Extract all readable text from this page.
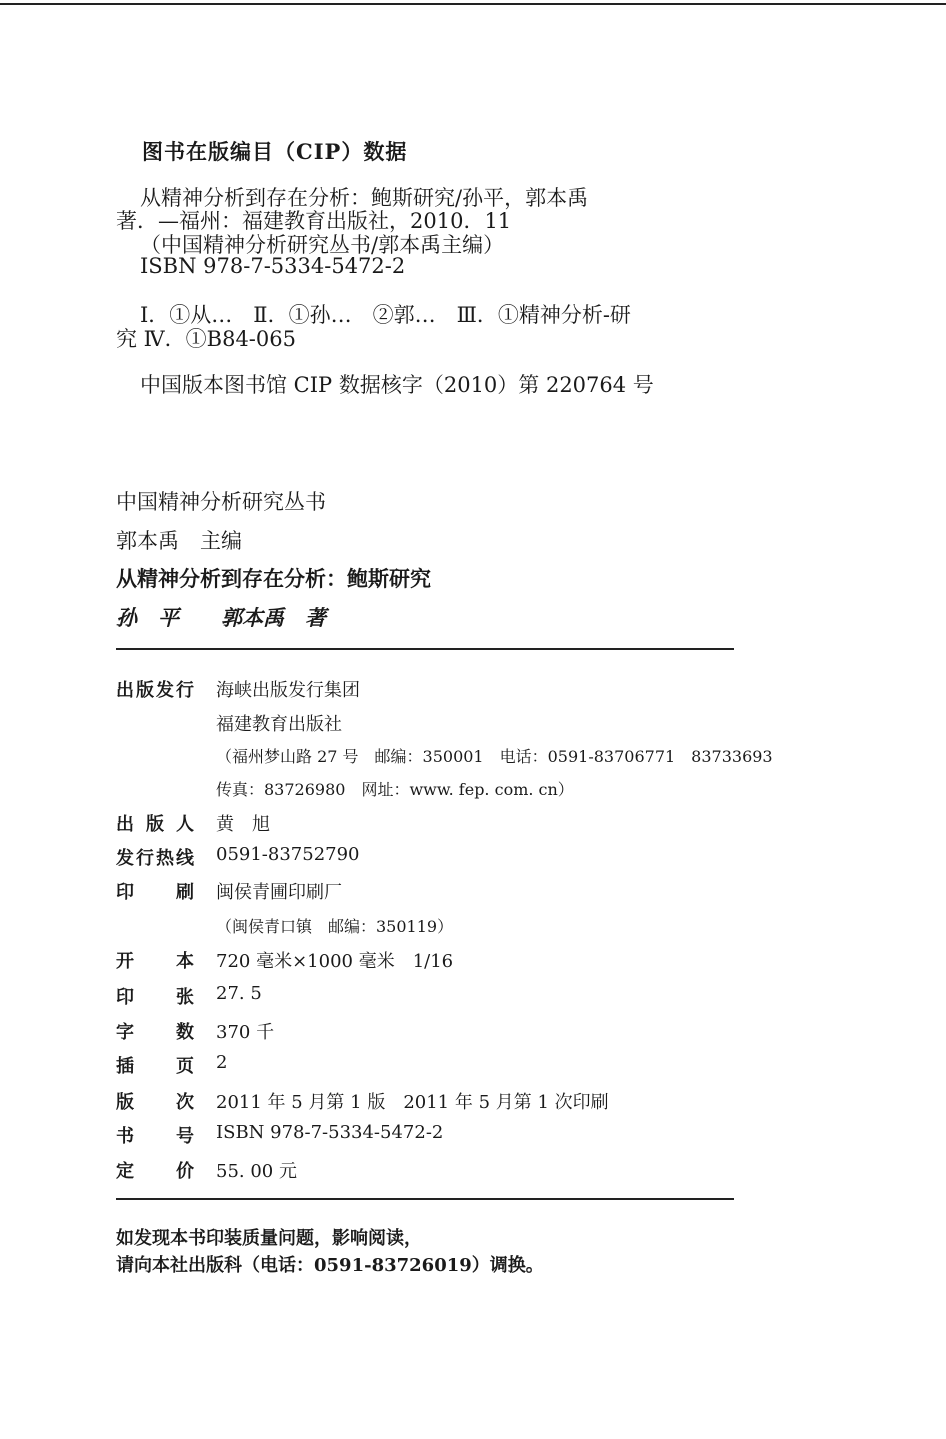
图书在版编目（CIP）数据
从精神分析到存在分析：鲍斯研究/孙平，郭本禹
著．—福州：福建教育出版社，2010．11
（中国精神分析研究丛书/郭本禹主编）
ISBN 978-7-5334-5472-2
Ⅰ．①从…　Ⅱ．①孙…　②郭…　Ⅲ．①精神分析-研
究 Ⅳ．①B84-065
中国版本图书馆 CIP 数据核字（2010）第 220764 号
中国精神分析研究丛书
郭本禹　主编
从精神分析到存在分析：鲍斯研究
孙　平　　郭本禹　著
出 版 发 行 海峡出版发行集团
福建教育出版社
（福州梦山路 27 号　邮编：350001　电话：0591-83706771　83733693
传真：83726980　网址：www. fep. com. cn）
出 版 人 黄　旭
发 行 热 线 0591-83752790
印 刷 闽侯青圃印刷厂
（闽侯青口镇　邮编：350119）
开 本 720 毫米×1000 毫米　1/16
印 张 27. 5
字 数 370 千
插 页 2
版 次 2011 年 5 月第 1 版　2011 年 5 月第 1 次印刷
书 号 ISBN 978-7-5334-5472-2
定 价 55. 00 元
如发现本书印装质量问题，影响阅读，
请向本社出版科（电话：0591-83726019）调换。
